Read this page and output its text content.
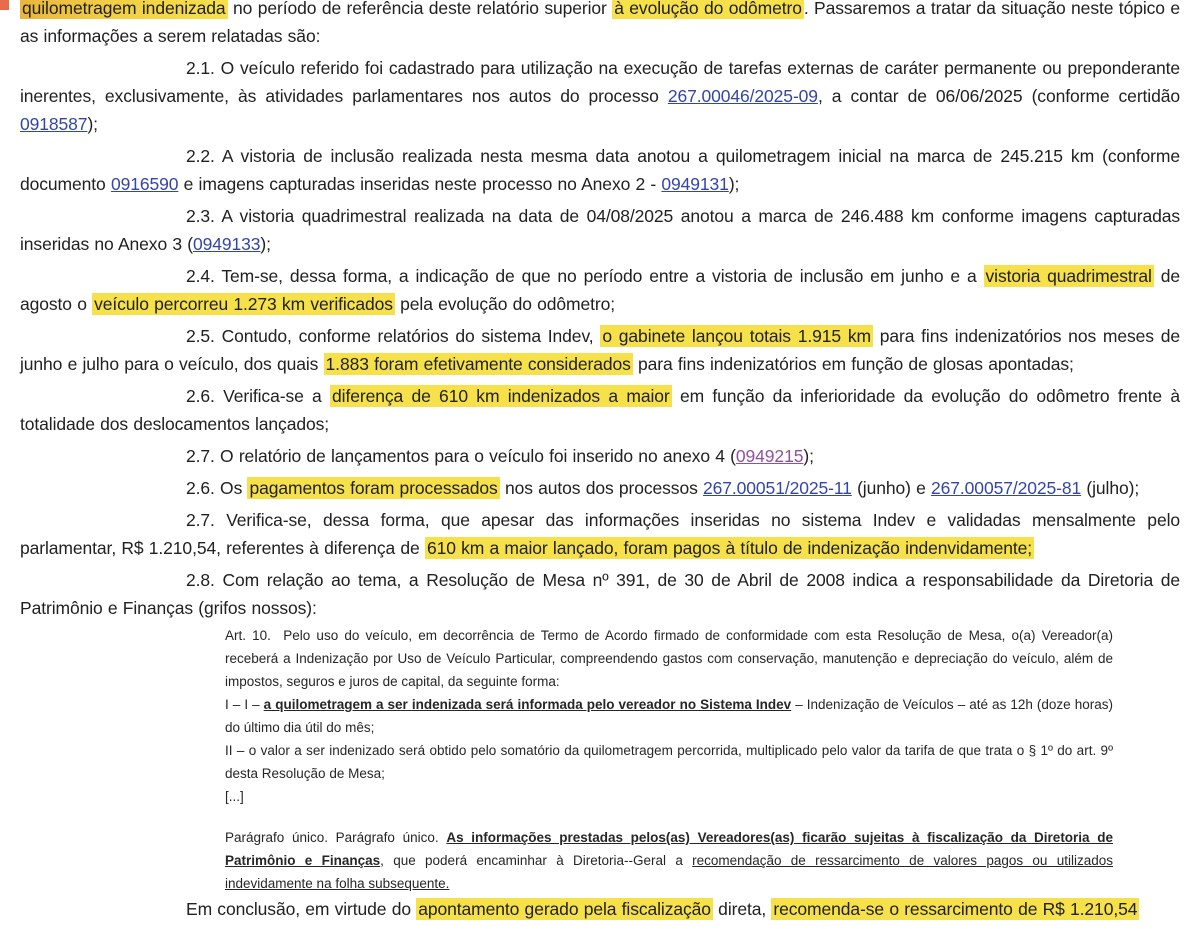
quilometragem indenizada no período de referência deste relatório superior à evolução do odômetro . Passaremos a tratar da situação neste tópico e as informações a serem relatadas são:

2.1. O veículo referido foi cadastrado para utilização na execução de tarefas externas de caráter permanente ou preponderante inerentes, exclusivamente, às atividades parlamentares nos autos do processo 267.00046/2025-09, a contar de 06/06/2025 (conforme certidão 0918587);

2.2. A vistoria de inclusão realizada nesta mesma data anotou a quilometragem inicial na marca de 245.215 km (conforme documento 0916590 e imagens capturadas inseridas neste processo no Anexo 2 - 0949131);

2.3. A vistoria quadrimestral realizada na data de 04/08/2025 anotou a marca de 246.488 km conforme imagens capturadas inseridas no Anexo 3 (0949133);

2.4. Tem-se, dessa forma, a indicação de que no período entre a vistoria de inclusão em junho e a vistoria quadrimestral de agosto o veículo percorreu 1.273 km verificados pela evolução do odômetro;

2.5. Contudo, conforme relatórios do sistema Indev, o gabinete lançou totais 1.915 km para fins indenizatórios nos meses de junho e julho para o veículo, dos quais 1.883 foram efetivamente considerados para fins indenizatórios em função de glosas apontadas;

2.6. Verifica-se a diferença de 610 km indenizados a maior em função da inferioridade da evolução do odômetro frente à totalidade dos deslocamentos lançados;

2.7. O relatório de lançamentos para o veículo foi inserido no anexo 4 (0949215);

2.6. Os pagamentos foram processados nos autos dos processos 267.00051/2025-11 (junho) e 267.00057/2025-81 (julho);

2.7. Verifica-se, dessa forma, que apesar das informações inseridas no sistema Indev e validadas mensalmente pelo parlamentar, R$ 1.210,54, referentes à diferença de 610 km a maior lançado, foram pagos à título de indenização indenvidamente;

2.8. Com relação ao tema, a Resolução de Mesa nº 391, de 30 de Abril de 2008 indica a responsabilidade da Diretoria de Patrimônio e Finanças (grifos nossos):

Art. 10.  Pelo uso do veículo, em decorrência de Termo de Acordo firmado de conformidade com esta Resolução de Mesa, o(a) Vereador(a) receberá a Indenização por Uso de Veículo Particular, compreendendo gastos com conservação, manutenção e depreciação do veículo, além de impostos, seguros e juros de capital, da seguinte forma:

I – I – a quilometragem a ser indenizada será informada pelo vereador no Sistema Indev – Indenização de Veículos – até as 12h (doze horas) do último dia útil do mês;

II – o valor a ser indenizado será obtido pelo somatório da quilometragem percorrida, multiplicado pelo valor da tarifa de que trata o § 1º do art. 9º desta Resolução de Mesa;

[...]

Parágrafo único. Parágrafo único. As informações prestadas pelos(as) Vereadores(as) ficarão sujeitas à fiscalização da Diretoria de Patrimônio e Finanças, que poderá encaminhar à Diretoria--Geral a recomendação de ressarcimento de valores pagos ou utilizados indevidamente na folha subsequente.

Em conclusão, em virtude do apontamento gerado pela fiscalização direta, recomenda-se o ressarcimento de R$ 1.210,54
